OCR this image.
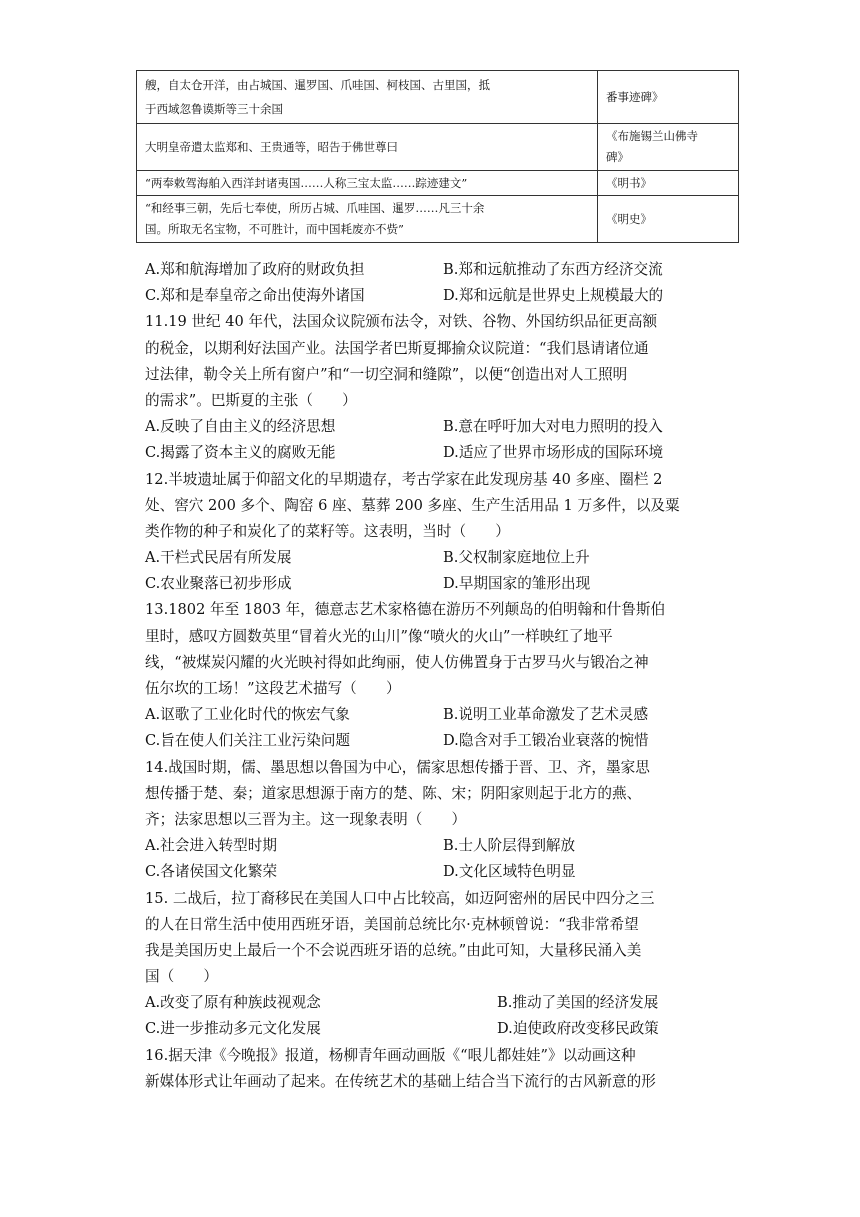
艘，自太仓开洋，由占城国、暹罗国、爪哇国、柯枝国、古里国，抵
于西域忽鲁谟斯等三十余国	番事迹碑》

大明皇帝遣太监郑和、王贵通等，昭告于佛世尊曰	《布施锡兰山佛寺
碑》

“两奉敕驾海舶入西洋封诸夷国……人称三宝太监……踪迹建文”	《明书》

“和经事三朝，先后七奉使，所历占城、爪哇国、暹罗……凡三十余
国。所取无名宝物，不可胜计，而中国耗废亦不赀”	《明史》
A.郑和航海增加了政府的财政负担	B.郑和远航推动了东西方经济交流
C.郑和是奉皇帝之命出使海外诸国	D.郑和远航是世界史上规模最大的
11.19 世纪 40 年代，法国众议院颁布法令，对铁、谷物、外国纺织品征更高额
的税金，以期利好法国产业。法国学者巴斯夏揶揄众议院道：“我们恳请诸位通
过法律，勒令关上所有窗户”和“一切空洞和缝隙”，以便“创造出对人工照明
的需求”。巴斯夏的主张（　　）
A.反映了自由主义的经济思想	B.意在呼吁加大对电力照明的投入
C.揭露了资本主义的腐败无能	D.适应了世界市场形成的国际环境
12.半坡遗址属于仰韶文化的早期遗存，考古学家在此发现房基 40 多座、圈栏 2
处、窖穴 200 多个、陶窑 6 座、墓葬 200 多座、生产生活用品 1 万多件，以及粟
类作物的种子和炭化了的菜籽等。这表明，当时（　　）
A.干栏式民居有所发展	B.父权制家庭地位上升
C.农业聚落已初步形成	D.早期国家的雏形出现
13.1802 年至 1803 年，德意志艺术家格德在游历不列颠岛的伯明翰和什鲁斯伯
里时，感叹方圆数英里“冒着火光的山川”像“喷火的火山”一样映红了地平
线，“被煤炭闪耀的火光映衬得如此绚丽，使人仿佛置身于古罗马火与锻冶之神
伍尔坎的工场！”这段艺术描写（　　）
A.讴歌了工业化时代的恢宏气象	B.说明工业革命激发了艺术灵感
C.旨在使人们关注工业污染问题	D.隐含对手工锻冶业衰落的惋惜
14.战国时期，儒、墨思想以鲁国为中心，儒家思想传播于晋、卫、齐，墨家思
想传播于楚、秦；道家思想源于南方的楚、陈、宋；阴阳家则起于北方的燕、
齐；法家思想以三晋为主。这一现象表明（　　）
A.社会进入转型时期	B.士人阶层得到解放
C.各诸侯国文化繁荣	D.文化区域特色明显
15. 二战后，拉丁裔移民在美国人口中占比较高，如迈阿密州的居民中四分之三
的人在日常生活中使用西班牙语，美国前总统比尔·克林顿曾说：“我非常希望
我是美国历史上最后一个不会说西班牙语的总统。”由此可知，大量移民涌入美
国（　　）
A.改变了原有种族歧视观念	B.推动了美国的经济发展
C.进一步推动多元文化发展	D.迫使政府改变移民政策
16.据天津《今晚报》报道，杨柳青年画动画版《“哏儿都娃娃”》以动画这种
新媒体形式让年画动了起来。在传统艺术的基础上结合当下流行的古风新意的形
